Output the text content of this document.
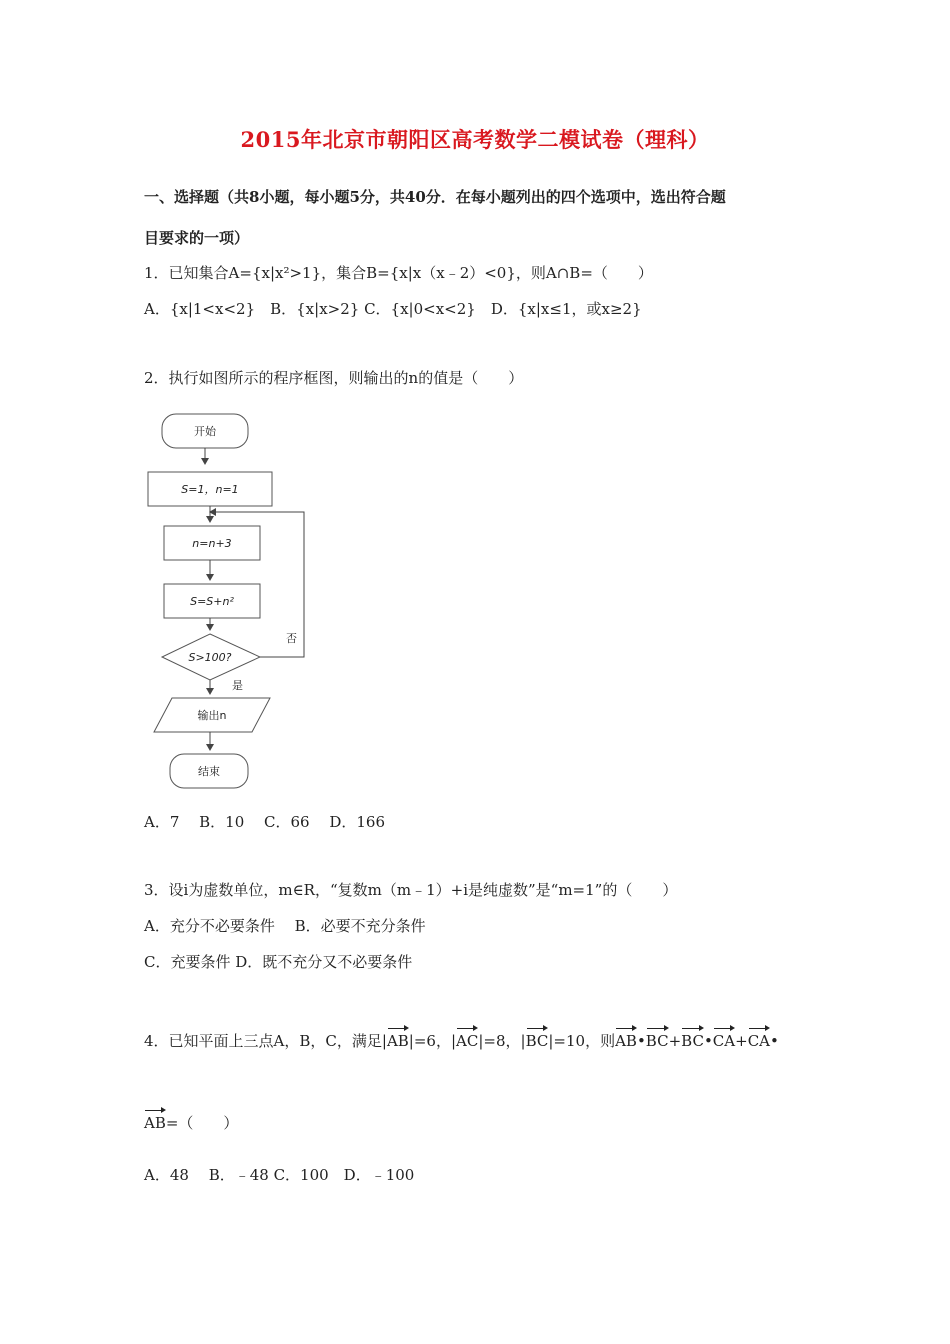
2015年北京市朝阳区高考数学二模试卷（理科）
一、选择题（共8小题，每小题5分，共40分．在每小题列出的四个选项中，选出符合题
目要求的一项）
1．已知集合A={x|x²>1}，集合B={x|x（x﹣2）<0}，则A∩B=（　　）
A．{x|1<x<2}　B．{x|x>2} C．{x|0<x<2}　D．{x|x≤1，或x≥2}
2．执行如图所示的程序框图，则输出的n的值是（　　）
开始
S=1，n=1
n=n+3
S=S+n²
S>100?
否
是
输出n
结束
A．7　 B．10　 C．66　 D．166
3．设i为虚数单位，m∈R，“复数m（m﹣1）+i是纯虚数”是“m=1”的（　　）
A．充分不必要条件　 B．必要不充分条件
C．充要条件 D．既不充分又不必要条件
4．已知平面上三点A，B，C，满足|AB|=6，|AC|=8，|BC|=10，则AB•BC+BC•CA+CA•
AB=（　　）
A．48　 B．﹣48 C．100　D．﹣100
